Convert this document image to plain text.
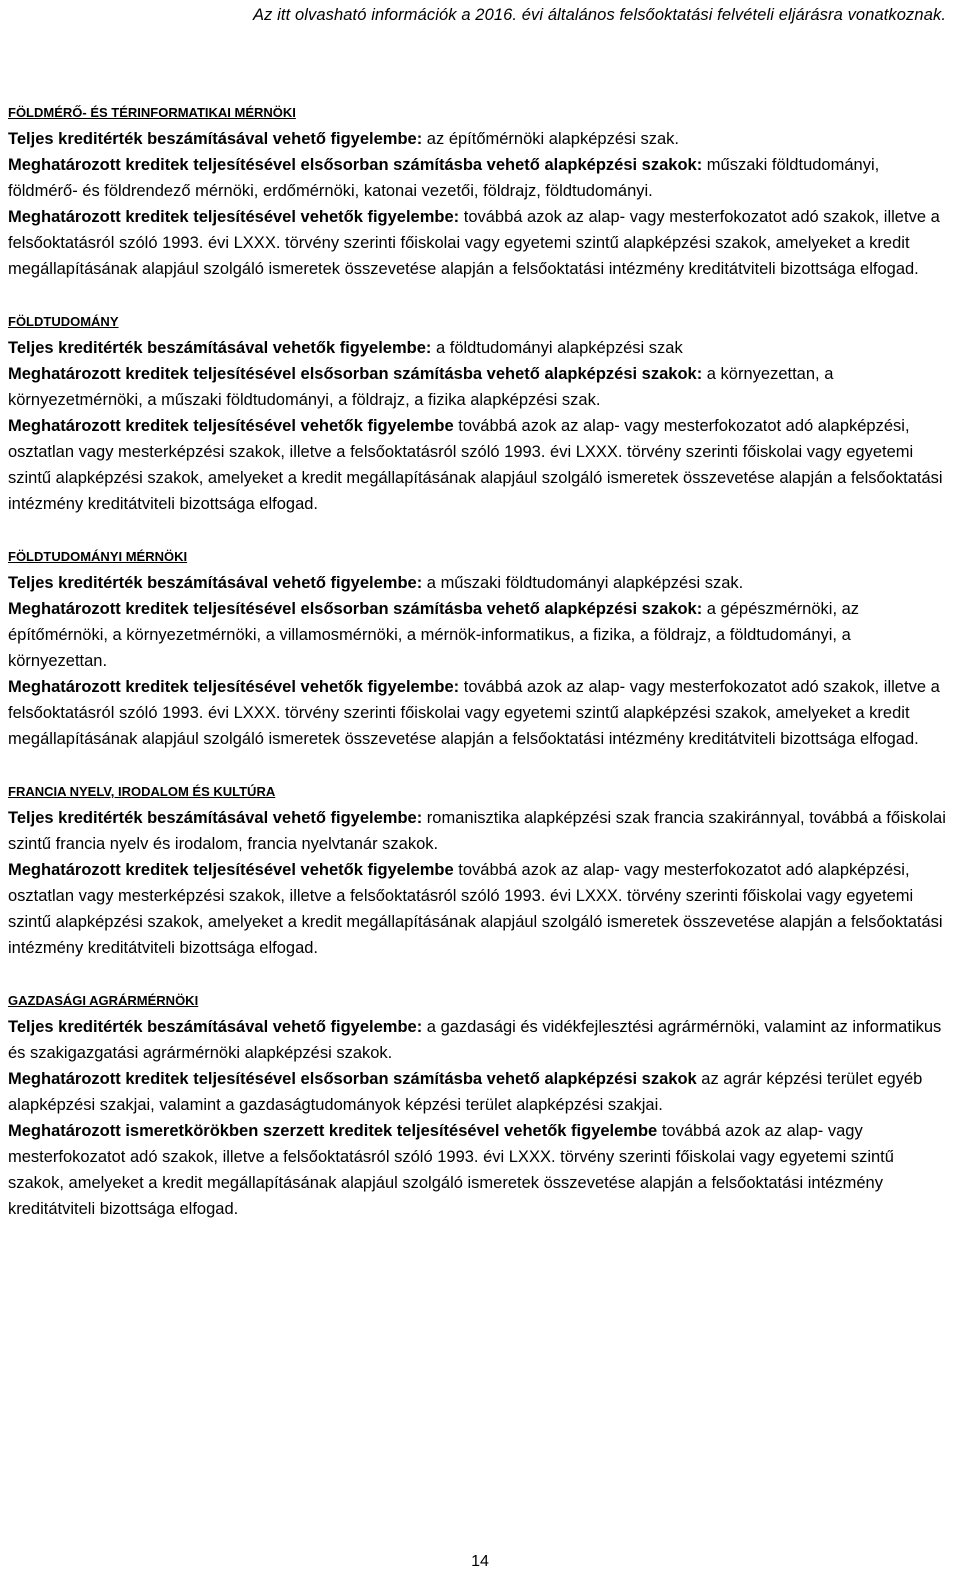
Az itt olvasható információk a 2016. évi általános felsőoktatási felvételi eljárásra vonatkoznak.
FÖLDMÉRŐ- ÉS TÉRINFORMATIKAI MÉRNÖKI

Teljes kreditérték beszámításával vehető figyelembe: az építőmérnöki alapképzési szak.

Meghatározott kreditek teljesítésével elsősorban számításba vehető alapképzési szakok: műszaki földtudományi, földmérő- és földrendező mérnöki, erdőmérnöki, katonai vezetői, földrajz, földtudományi.

Meghatározott kreditek teljesítésével vehetők figyelembe: továbbá azok az alap- vagy mesterfokozatot adó szakok, illetve a felsőoktatásról szóló 1993. évi LXXX. törvény szerinti főiskolai vagy egyetemi szintű alapképzési szakok, amelyeket a kredit megállapításának alapjául szolgáló ismeretek összevetése alapján a felsőoktatási intézmény kreditátviteli bizottsága elfogad.

FÖLDTUDOMÁNY

Teljes kreditérték beszámításával vehetők figyelembe: a földtudományi alapképzési szak

Meghatározott kreditek teljesítésével elsősorban számításba vehető alapképzési szakok: a környezettan, a környezetmérnöki, a műszaki földtudományi, a földrajz, a fizika alapképzési szak.

Meghatározott kreditek teljesítésével vehetők figyelembe továbbá azok az alap- vagy mesterfokozatot adó alapképzési, osztatlan vagy mesterképzési szakok, illetve a felsőoktatásról szóló 1993. évi LXXX. törvény szerinti főiskolai vagy egyetemi szintű alapképzési szakok, amelyeket a kredit megállapításának alapjául szolgáló ismeretek összevetése alapján a felsőoktatási intézmény kreditátviteli bizottsága elfogad.

FÖLDTUDOMÁNYI MÉRNÖKI

Teljes kreditérték beszámításával vehető figyelembe: a műszaki földtudományi alapképzési szak.

Meghatározott kreditek teljesítésével elsősorban számításba vehető alapképzési szakok: a gépészmérnöki, az építőmérnöki, a környezetmérnöki, a villamosmérnöki, a mérnök-informatikus, a fizika, a földrajz, a földtudományi, a környezettan.

Meghatározott kreditek teljesítésével vehetők figyelembe: továbbá azok az alap- vagy mesterfokozatot adó szakok, illetve a felsőoktatásról szóló 1993. évi LXXX. törvény szerinti főiskolai vagy egyetemi szintű alapképzési szakok, amelyeket a kredit megállapításának alapjául szolgáló ismeretek összevetése alapján a felsőoktatási intézmény kreditátviteli bizottsága elfogad.

FRANCIA NYELV, IRODALOM ÉS KULTÚRA

Teljes kreditérték beszámításával vehető figyelembe: romanisztika alapképzési szak francia szakiránnyal, továbbá a főiskolai szintű francia nyelv és irodalom, francia nyelvtanár szakok.

Meghatározott kreditek teljesítésével vehetők figyelembe továbbá azok az alap- vagy mesterfokozatot adó alapképzési, osztatlan vagy mesterképzési szakok, illetve a felsőoktatásról szóló 1993. évi LXXX. törvény szerinti főiskolai vagy egyetemi szintű alapképzési szakok, amelyeket a kredit megállapításának alapjául szolgáló ismeretek összevetése alapján a felsőoktatási intézmény kreditátviteli bizottsága elfogad.

GAZDASÁGI AGRÁRMÉRNÖKI

Teljes kreditérték beszámításával vehető figyelembe: a gazdasági és vidékfejlesztési agrármérnöki, valamint az informatikus és szakigazgatási agrármérnöki alapképzési szakok.

Meghatározott kreditek teljesítésével elsősorban számításba vehető alapképzési szakok az agrár képzési terület egyéb alapképzési szakjai, valamint a gazdaságtudományok képzési terület alapképzési szakjai.

Meghatározott ismeretkörökben szerzett kreditek teljesítésével vehetők figyelembe továbbá azok az alap- vagy mesterfokozatot adó szakok, illetve a felsőoktatásról szóló 1993. évi LXXX. törvény szerinti főiskolai vagy egyetemi szintű szakok, amelyeket a kredit megállapításának alapjául szolgáló ismeretek összevetése alapján a felsőoktatási intézmény kreditátviteli bizottsága elfogad.

14
